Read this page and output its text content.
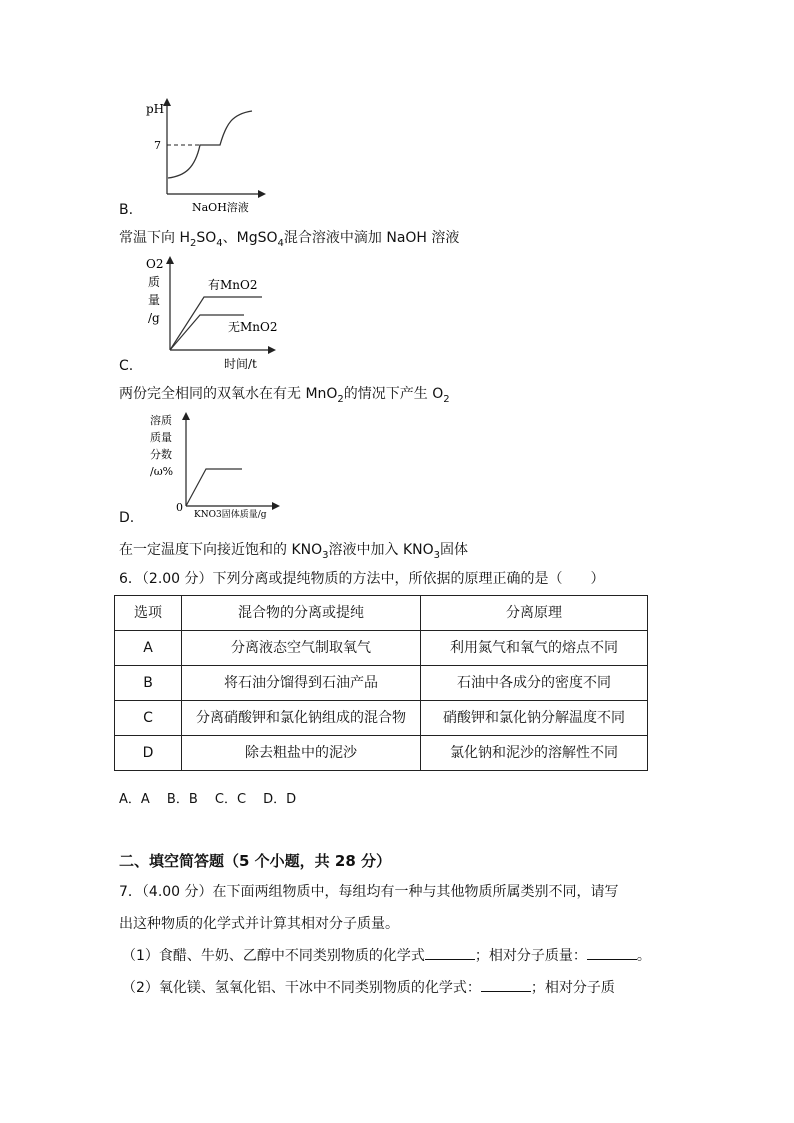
pH
7
NaOH溶液
B.
常温下向 $H_2SO_4$、MgSO$_4$混合溶液中滴加 NaOH 溶液
有MnO2
无MnO2
O2
质
量
/g
时间/t
C.
两份完全相同的双氧水在有无 MnO$_2$的情况下产生 $O_2$
溶质
质量
分数
/ω%
0
KNO3固体质量/g
D.
在一定温度下向接近饱和的 $KNO_3$溶液中加入 $KNO_3$固体
6．（2.00 分）下列分离或提纯物质的方法中，所依据的原理正确的是（　　）
选项	混合物的分离或提纯	分离原理
A	分离液态空气制取氧气	利用氮气和氧气的熔点不同
B	将石油分馏得到石油产品	石油中各成分的密度不同
C	分离硝酸钾和氯化钠组成的混合物	硝酸钾和氯化钠分解温度不同
D	除去粗盐中的泥沙	氯化钠和泥沙的溶解性不同
A．A　 B．B　 C．C　 D．D
二、填空简答题（5 个小题，共 28 分）
7．（4.00 分）在下面两组物质中，每组均有一种与其他物质所属类别不同，请写
出这种物质的化学式并计算其相对分子质量。
（1）食醋、牛奶、乙醇中不同类别物质的化学式	；相对分子质量：	。
（2）氧化镁、氢氧化铝、干冰中不同类别物质的化学式：	；相对分子质
